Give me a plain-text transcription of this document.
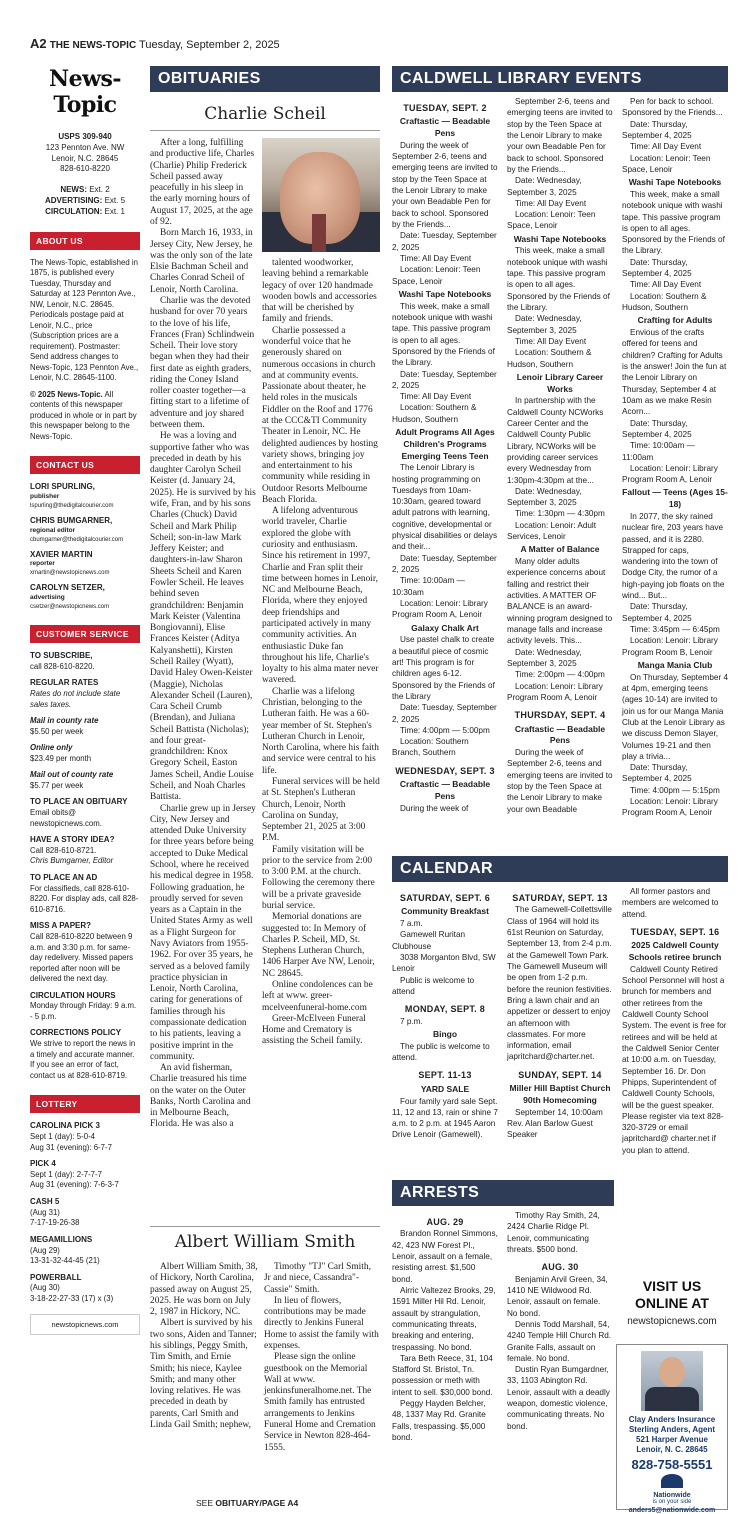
A2 THE NEWS-TOPIC Tuesday, September 2, 2025
News-Topic
USPS 309-940
123 Pennton Ave. NW
Lenoir, N.C. 28645
828-610-8220
NEWS: Ext. 2
ADVERTISING: Ext. 5
CIRCULATION: Ext. 1
ABOUT US
The News-Topic, established in 1875, is published every Tuesday, Thursday and Saturday at 123 Pennton Ave., NW, Lenoir, N.C. 28645. Periodicals postage paid at Lenoir, N.C., price (Subscription prices are a requirement). Postmaster: Send address changes to News-Topic, 123 Pennton Ave., Lenoir, N.C. 28645-1100.
© 2025 News-Topic. All contents of this newspaper produced in whole or in part by this newspaper belong to the News-Topic.
CONTACT US
LORI SPURLING,
publisher
lspurling@thedigitalcourier.com
CHRIS BUMGARNER,
regional editor
cbumgarner@thedigitalcourier.com
XAVIER MARTIN
reporter
xmartin@newstopicnews.com
CAROLYN SETZER,
advertising
csetzer@newstopicnews.com
CUSTOMER SERVICE
TO SUBSCRIBE,
call 828-610-8220.
REGULAR RATES
Rates do not include state sales taxes.
Mail in county rate
$5.50 per week
Online only
$23.49 per month
Mail out of county rate
$5.77 per week
TO PLACE AN OBITUARY
Email obits@ newstopicnews.com.
HAVE A STORY IDEA?
Call 828-610-8721.
Chris Bumgarner, Editor
TO PLACE AN AD
For classifieds, call 828-610-8220. For display ads, call 828-610-8716.
MISS A PAPER?
Call 828-610-8220 between 9 a.m. and 3:30 p.m. for same-day redelivery. Missed papers reported after noon will be delivered the next day.
CIRCULATION HOURS
Monday through Friday: 9 a.m. - 5 p.m.
CORRECTIONS POLICY
We strive to report the news in a timely and accurate manner. If you see an error of fact, contact us at 828-610-8719.
LOTTERY
CAROLINA PICK 3
Sept 1 (day): 5-0-4
Aug 31 (evening): 6-7-7
PICK 4
Sept 1 (day): 2-7-7-7
Aug 31 (evening): 7-6-3-7
CASH 5
(Aug 31)
7-17-19-26-38
MEGAMILLIONS
(Aug 29)
13-31-32-44-45 (21)
POWERBALL
(Aug 30)
3-18-22-27-33 (17) x (3)
newstopicnews.com
OBITUARIES
Charlie Scheil

After a long, fulfilling and productive life, Charles (Charlie) Philip Frederick Scheil passed away peacefully in his sleep in the early morning hours of August 17, 2025, at the age of 92.

Born March 16, 1933, in Jersey City, New Jersey, he was the only son of the late Elsie Bachman Scheil and Charles Conrad Scheil of Lenoir, North Carolina.

Charlie was the devoted husband for over 70 years to the love of his life, Frances (Fran) Schlindwein Scheil. Their love story began when they had their first date as eighth graders, riding the Coney Island roller coaster together—a fitting start to a lifetime of adventure and joy shared between them.

He was a loving and supportive father who was preceded in death by his daughter Carolyn Scheil Keister (d. January 24, 2025). He is survived by his wife, Fran, and by his sons Charles (Chuck) David Scheil and Mark Philip Scheil; son-in-law Mark Jeffery Keister; and daughters-in-law Sharon Sheets Scheil and Karen Fowler Scheil. He leaves behind seven grandchildren: Benjamin Mark Keister (Valentina Bongiovanni), Elise Frances Keister (Aditya Kalyanshetti), Kirsten Scheil Railey (Wyatt), David Haley Owen-Keister (Maggie), Nicholas Alexander Scheil (Lauren), Cara Scheil Crumb (Brendan), and Juliana Scheil Battista (Nicholas); and four great-grandchildren: Knox Gregory Scheil, Easton James Scheil, Andie Louise Scheil, and Noah Charles Battista.

Charlie grew up in Jersey City, New Jersey and attended Duke University for three years before being accepted to Duke Medical School, where he received his medical degree in 1958. Following graduation, he proudly served for seven years as a Captain in the United States Army as well as a Flight Surgeon for Navy Aviators from 1955-1962. For over 35 years, he served as a beloved family practice physician in Lenoir, North Carolina, caring for generations of families through his compassionate dedication to his patients, leaving a positive imprint in the community.

An avid fisherman, Charlie treasured his time on the water on the Outer Banks, North Carolina and in Melbourne Beach, Florida. He was also a

talented woodworker, leaving behind a remarkable legacy of over 120 handmade wooden bowls and accessories that will be cherished by family and friends.

Charlie possessed a wonderful voice that he generously shared on numerous occasions in church and at community events. Passionate about theater, he held roles in the musicals Fiddler on the Roof and 1776 at the CCC&TI Community Theater in Lenoir, NC. He delighted audiences by hosting variety shows, bringing joy and entertainment to his community while residing in Outdoor Resorts Melbourne Beach Florida.

A lifelong adventurous world traveler, Charlie explored the globe with curiosity and enthusiasm. Since his retirement in 1997, Charlie and Fran split their time between homes in Lenoir, NC and Melbourne Beach, Florida, where they enjoyed deep friendships and participated actively in many community activities. An enthusiastic Duke fan throughout his life, Charlie's loyalty to his alma mater never wavered.

Charlie was a lifelong Christian, belonging to the Lutheran faith. He was a 60-year member of St. Stephen's Lutheran Church in Lenoir, North Carolina, where his faith and service were central to his life.

Funeral services will be held at St. Stephen's Lutheran Church, Lenoir, North Carolina on Sunday, September 21, 2025 at 3:00 P.M.

Family visitation will be prior to the service from 2:00 to 3:00 P.M. at the church. Following the ceremony there will be a private graveside burial service.

Memorial donations are suggested to: In Memory of Charles P. Scheil, MD, St. Stephens Lutheran Church, 1406 Harper Ave NW, Lenoir, NC 28645.

Online condolences can be left at www. greer-mcelveenfuneral-home.com

Greer-McElveen Funeral Home and Crematory is assisting the Scheil family.

Albert William Smith

Albert William Smith, 38, of Hickory, North Carolina, passed away on August 25, 2025. He was born on July 2, 1987 in Hickory, NC.

Albert is survived by his two sons, Aiden and Tanner; his siblings, Peggy Smith, Tim Smith, and Ernie Smith; his niece, Kaylee Smith; and many other loving relatives. He was preceded in death by parents, Carl Smith and Linda Gail Smith; nephew,

Timothy "TJ" Carl Smith, Jr and niece, Cassandra"-Cassie" Smith.

In lieu of flowers, contributions may be made directly to Jenkins Funeral Home to assist the family with expenses.

Please sign the online guestbook on the Memorial Wall at www. jenkinsfuneralhome.net. The Smith family has entrusted arrangements to Jenkins Funeral Home and Cremation Service in Newton 828-464-1555.

SEE OBITUARY/PAGE A4
CALDWELL LIBRARY EVENTS
TUESDAY, SEPT. 2
Craftastic — Beadable Pens

During the week of September 2-6, teens and emerging teens are invited to stop by the Teen Space at the Lenoir Library to make your own Beadable Pen for back to school. Sponsored by the Friends...

Date: Tuesday, September 2, 2025

Time: All Day Event

Location: Lenoir: Teen Space, Lenoir

Washi Tape Notebooks

This week, make a small notebook unique with washi tape. This passive program is open to all ages. Sponsored by the Friends of the Library.

Date: Tuesday, September 2, 2025

Time: All Day Event

Location: Southern & Hudson, Southern

Adult Programs All Ages Children's Programs Emerging Teens Teen

The Lenoir Library is hosting programming on Tuesdays from 10am-10:30am, geared toward adult patrons with learning, cognitive, developmental or physical disabilities or delays and their...

Date: Tuesday, September 2, 2025

Time: 10:00am — 10:30am

Location: Lenoir: Library Program Room A, Lenoir

Galaxy Chalk Art

Use pastel chalk to create a beautiful piece of cosmic art! This program is for children ages 6-12. Sponsored by the Friends of the Library

Date: Tuesday, September 2, 2025

Time: 4:00pm — 5:00pm

Location: Southern Branch, Southern

WEDNESDAY, SEPT. 3
Craftastic — Beadable Pens

During the week of

September 2-6, teens and emerging teens are invited to stop by the Teen Space at the Lenoir Library to make your own Beadable Pen for back to school. Sponsored by the Friends...

Date: Wednesday, September 3, 2025

Time: All Day Event

Location: Lenoir: Teen Space, Lenoir

Washi Tape Notebooks

This week, make a small notebook unique with washi tape. This passive program is open to all ages. Sponsored by the Friends of the Library.

Date: Wednesday, September 3, 2025

Time: All Day Event

Location: Southern & Hudson, Southern

Lenoir Library Career Works

In partnership with the Caldwell County NCWorks Career Center and the Caldwell County Public Library, NCWorks will be providing career services every Wednesday from 1:30pm-4:30pm at the...

Date: Wednesday, September 3, 2025

Time: 1:30pm — 4:30pm

Location: Lenoir: Adult Services, Lenoir

A Matter of Balance

Many older adults experience concerns about falling and restrict their activities. A MATTER OF BALANCE is an award-winning program designed to manage falls and increase activity levels. This...

Date: Wednesday, September 3, 2025

Time: 2:00pm — 4:00pm

Location: Lenoir: Library Program Room A, Lenoir

THURSDAY, SEPT. 4
Craftastic — Beadable Pens

During the week of September 2-6, teens and emerging teens are invited to stop by the Teen Space at the Lenoir Library to make your own Beadable

Pen for back to school. Sponsored by the Friends...

Date: Thursday, September 4, 2025

Time: All Day Event

Location: Lenoir: Teen Space, Lenoir

Washi Tape Notebooks

This week, make a small notebook unique with washi tape. This passive program is open to all ages. Sponsored by the Friends of the Library.

Date: Thursday, September 4, 2025

Time: All Day Event

Location: Southern & Hudson, Southern

Crafting for Adults

Envious of the crafts offered for teens and children? Crafting for Adults is the answer! Join the fun at the Lenoir Library on Thursday, September 4 at 10am as we make Resin Acorn...

Date: Thursday, September 4, 2025

Time: 10:00am — 11:00am

Location: Lenoir: Library Program Room A, Lenoir

Fallout — Teens (Ages 15-18)

In 2077, the sky rained nuclear fire, 203 years have passed, and it is 2280. Strapped for caps, wandering into the town of Dodge City, the rumor of a high-paying job floats on the wind... But...

Date: Thursday, September 4, 2025

Time: 3:45pm — 6:45pm

Location: Lenoir: Library Program Room B, Lenoir

Manga Mania Club

On Thursday, September 4 at 4pm, emerging teens (ages 10-14) are invited to join us for our Manga Mania Club at the Lenoir Library as we discuss Demon Slayer, Volumes 19-21 and then play a trivia...

Date: Thursday, September 4, 2025

Time: 4:00pm — 5:15pm

Location: Lenoir: Library Program Room A, Lenoir

CALENDAR
SATURDAY, SEPT. 6
Community Breakfast

7 a.m.

Gamewell Ruritan Clubhouse

3038 Morganton Blvd, SW Lenoir

Public is welcome to attend

MONDAY, SEPT. 8

7 p.m.

Bingo

The public is welcome to attend.

SEPT. 11-13
YARD SALE

Four family yard sale Sept. 11, 12 and 13, rain or shine 7 a.m. to 2 p.m. at 1945 Aaron Drive Lenoir (Gamewell).

SATURDAY, SEPT. 13

The Gamewell-Collettsville Class of 1964 will hold its 61st Reunion on Saturday, September 13, from 2-4 p.m. at the Gamewell Town Park. The Gamewell Museum will be open from 1-2 p.m. before the reunion festivities. Bring a lawn chair and an appetizer or dessert to enjoy an afternoon with classmates. For more information, email japritchard@charter.net.

SUNDAY, SEPT. 14
Miller Hill Baptist Church 90th Homecoming

September 14, 10:00am Rev. Alan Barlow Guest Speaker

All former pastors and members are welcomed to attend.

TUESDAY, SEPT. 16
2025 Caldwell County Schools retiree brunch

Caldwell County Retired School Personnel will host a brunch for members and other retirees from the Caldwell County School System. The event is free for retirees and will be held at the Caldwell Senior Center at 10:00 a.m. on Tuesday, September 16. Dr. Don Phipps, Superintendent of Caldwell County Schools, will be the guest speaker. Please register via text 828-320-3729 or email japritchard@ charter.net if you plan to attend.

ARRESTS
AUG. 29

Brandon Ronnel Simmons, 42, 423 NW Forest Pl., Lenoir, assault on a female, resisting arrest. $1,500 bond.

Airric Valtezez Brooks, 29, 1591 Miller Hil Rd. Lenoir, assault by strangulation, communicating threats, breaking and entering, trespassing. No bond.

Tara Beth Reece, 31, 104 Stafford St. Bristol, Tn. possession or meth with intent to sell. $30,000 bond.

Peggy Hayden Belcher, 48, 1337 May Rd. Granite Falls, trespassing. $5,000 bond.

Timothy Ray Smith, 24, 2424 Charlie Ridge Pl. Lenoir, communicating threats. $500 bond.

AUG. 30

Benjamin Arvil Green, 34, 1410 NE Wildwood Rd. Lenoir, assault on female. No bond.

Dennis Todd Marshall, 54, 4240 Temple Hill Church Rd. Granite Falls, assault on female. No bond.

Dustin Ryan Bumgardner, 33, 1103 Abington Rd. Lenoir, assault with a deadly weapon, domestic violence, communicating threats. No bond.

VISIT US ONLINE AT
newstopicnews.com
Clay Anders Insurance
Sterling Anders, Agent
521 Harper Avenue
Lenoir, N. C. 28645
828-758-5551
Nationwide
is on your side
anders5@nationwide.com
